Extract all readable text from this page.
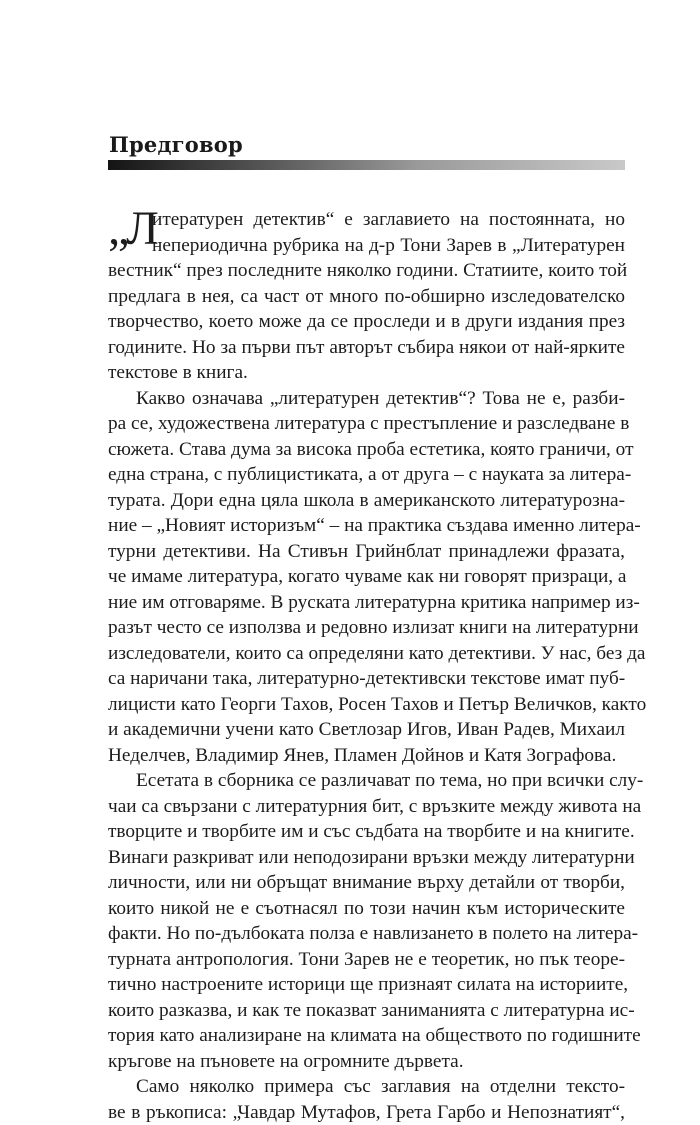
Предговор
„Л
итературен детектив“ е заглавието на постоянната, но
непериодична рубрика на д-р Тони Зарев в „Литературен
вестник“ през последните няколко години. Статиите, които той
предлага в нея, са част от много по-обширно изследователско
творчество, което може да се проследи и в други издания през
годините. Но за първи път авторът събира някои от най-ярките
текстове в книга.
Какво означава „литературен детектив“? Това не е, разби-
ра се, художествена литература с престъпление и разследване в
сюжета. Става дума за висока проба естетика, която граничи, от
една страна, с публицистиката, а от друга – с науката за литера-
турата. Дори една цяла школа в американското литературозна-
ние – „Новият историзъм“ – на практика създава именно литера-
турни детективи. На Стивън Грийнблат принадлежи фразата,
че имаме литература, когато чуваме как ни говорят призраци, а
ние им отговаряме. В руската литературна критика например из-
разът често се използва и редовно излизат книги на литературни
изследователи, които са определяни като детективи. У нас, без да
са наричани така, литературно-детективски текстове имат пуб-
лицисти като Георги Тахов, Росен Тахов и Петър Величков, както
и академични учени като Светлозар Игов, Иван Радев, Михаил
Неделчев, Владимир Янев, Пламен Дойнов и Катя Зографова.
Есетата в сборника се различават по тема, но при всички слу-
чаи са свързани с литературния бит, с връзките между живота на
творците и творбите им и със съдбата на творбите и на книгите.
Винаги разкриват или неподозирани връзки между литературни
личности, или ни обръщат внимание върху детайли от творби,
които никой не е съотнасял по този начин към историческите
факти. Но по-дълбоката полза е навлизането в полето на литера-
турната антропология. Тони Зарев не е теоретик, но пък теоре-
тично настроените историци ще признаят силата на историите,
които разказва, и как те показват заниманията с литературна ис-
тория като анализиране на климата на обществото по годишните
кръгове на пъновете на огромните дървета.
Само няколко примера със заглавия на отделни тексто-
ве в ръкописа: „Чавдар Мутафов, Грета Гарбо и Непознатият“,
